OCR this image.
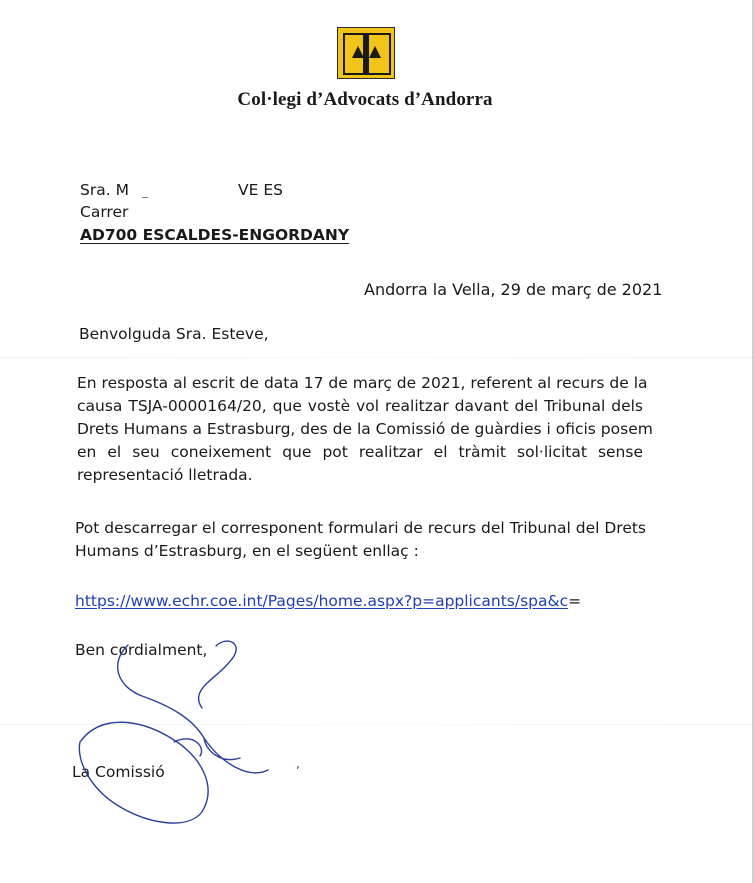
Col·legi d’Advocats d’Andorra
Sra. M	VE ES
Carrer
AD700 ESCALDES-ENGORDANY
Andorra la Vella, 29 de març de 2021
Benvolguda Sra. Esteve,
En resposta al escrit de data 17 de març de 2021, referent al recurs de la
causa TSJA-0000164/20, que vostè vol realitzar davant del Tribunal dels
Drets Humans a Estrasburg, des de la Comissió de guàrdies i oficis posem
en el seu coneixement que pot realitzar el tràmit sol·licitat sense
representació lletrada.
Pot descarregar el corresponent formulari de recurs del Tribunal del Drets
Humans d’Estrasburg, en el següent enllaç :
https://www.echr.coe.int/Pages/home.aspx?p=applicants/spa&c=
Ben cordialment,
La Comissió	ʼ
